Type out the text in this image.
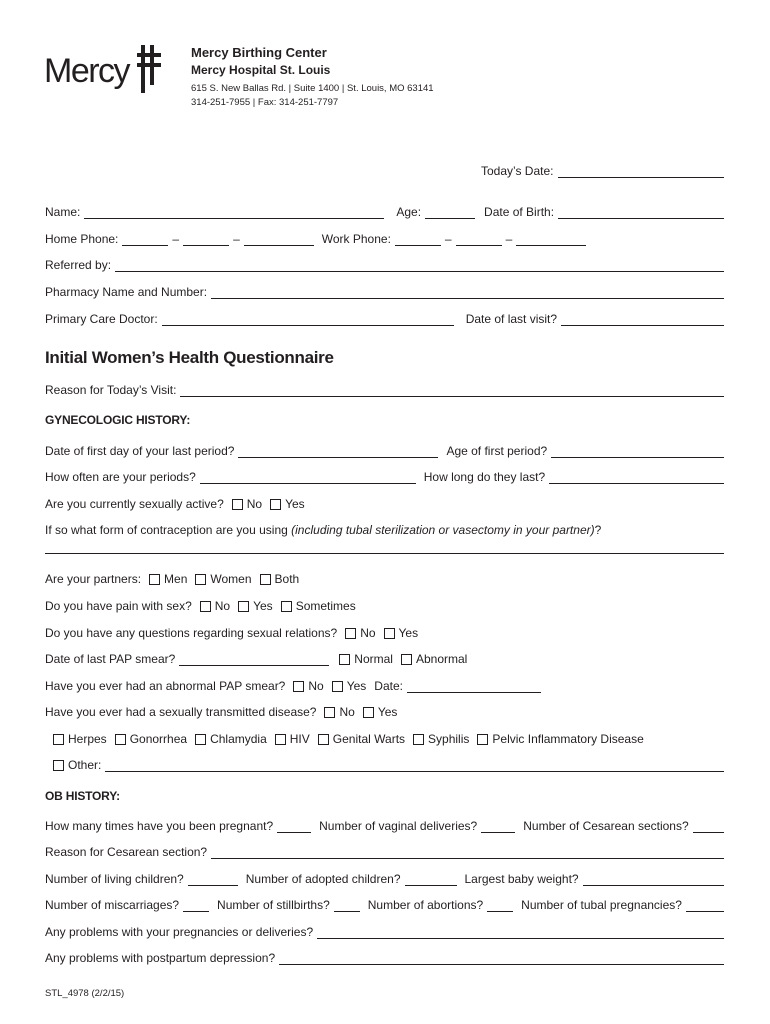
Mercy	Mercy Birthing Center
Mercy Hospital St. Louis
615 S. New Ballas Rd. | Suite 1400 | St. Louis, MO 63141
314-251-7955 | Fax: 314-251-7797
Today’s Date:
Name:	Age:	Date of Birth:
Home Phone:	–	–	Work Phone:	–	–
Referred by:
Pharmacy Name and Number:
Primary Care Doctor:	Date of last visit?
Initial Women’s Health Questionnaire
Reason for Today’s Visit:
GYNECOLOGIC HISTORY:
Date of first day of your last period?	Age of first period?
How often are your periods?	How long do they last?
Are you currently sexually active? No Yes
If so what form of contraception are you using (including tubal sterilization or vasectomy in your partner)?
Are your partners: Men Women Both
Do you have pain with sex? No Yes Sometimes
Do you have any questions regarding sexual relations? No Yes
Date of last PAP smear?	Normal Abnormal
Have you ever had an abnormal PAP smear? No Yes Date:
Have you ever had a sexually transmitted disease? No Yes
Herpes Gonorrhea Chlamydia HIV Genital Warts Syphilis Pelvic Inflammatory Disease
Other:
OB HISTORY:
How many times have you been pregnant?	Number of vaginal deliveries?	Number of Cesarean sections?
Reason for Cesarean section?
Number of living children?	Number of adopted children?	Largest baby weight?
Number of miscarriages?	Number of stillbirths?	Number of abortions?	Number of tubal pregnancies?
Any problems with your pregnancies or deliveries?
Any problems with postpartum depression?
STL_4978 (2/2/15)
